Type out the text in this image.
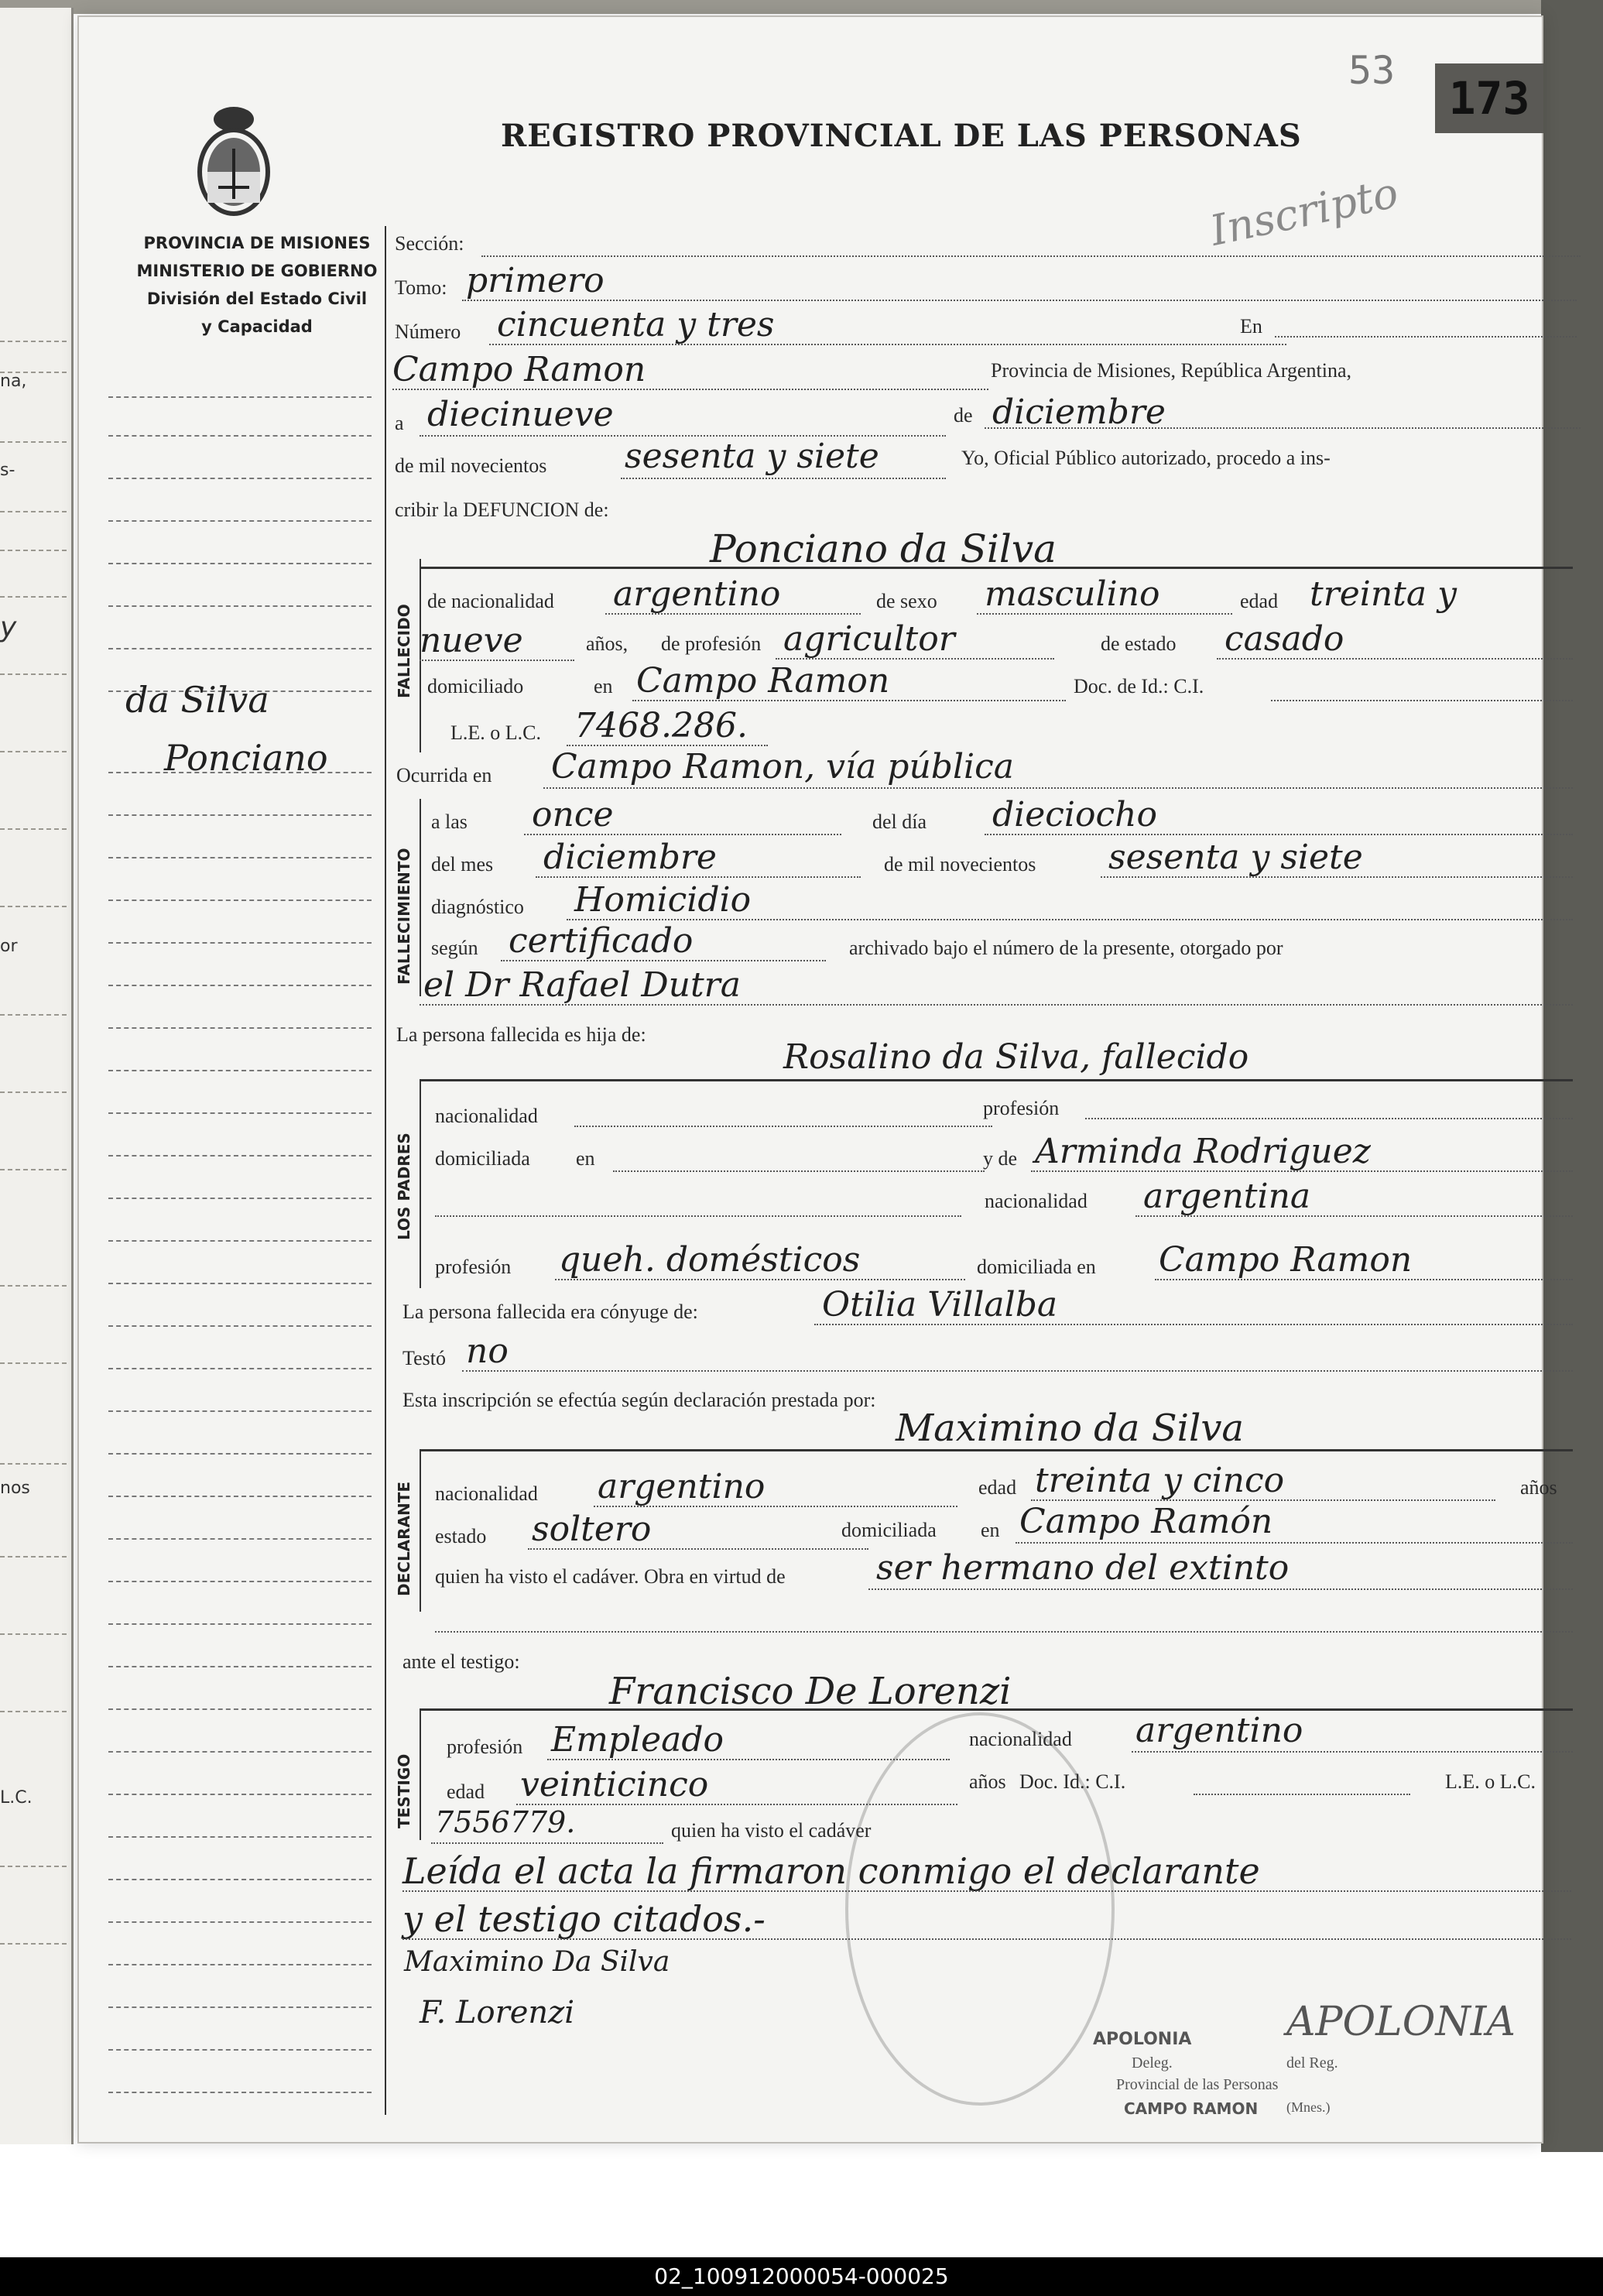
na,
s-
y
or
nos
L.C.
53
173
Inscripto
REGISTRO PROVINCIAL DE LAS PERSONAS
PROVINCIA DE MISIONES
MINISTERIO DE GOBIERNO
División del Estado Civil
y Capacidad
da Silva
Ponciano
Sección:
Tomo: primero
Número cincuenta y tres	En
Campo Ramon	Provincia de Misiones, República Argentina,
a diecinueve	de diciembre
de mil novecientos sesenta y siete	Yo, Oficial Público autorizado, procedo a ins-
cribir la DEFUNCION de:
FALLECIDO
Ponciano da Silva
de nacionalidad argentino	de sexo masculino	edad treinta y
nueve	años, de profesión agricultor	de estado casado
domiciliado	en Campo Ramon	Doc. de Id.: C.I.
L.E. o L.C. 7468.286.
Ocurrida en Campo Ramon, vía pública
FALLECIMIENTO
a las once	del día dieciocho
del mes diciembre	de mil novecientos sesenta y siete
diagnóstico Homicidio
según certificado	archivado bajo el número de la presente, otorgado por
el Dr Rafael Dutra
La persona fallecida es hija de:
Rosalino da Silva, fallecido
LOS PADRES
nacionalidad	profesión
domiciliada en	y de Arminda Rodriguez
nacionalidad argentina
profesión queh. domésticos	domiciliada en Campo Ramon
La persona fallecida era cónyuge de:	Otilia Villalba
Testó no
Esta inscripción se efectúa según declaración prestada por:
Maximino da Silva
DECLARANTE nacionalidad argentino	edad treinta y cinco	años
estado soltero	domiciliada en Campo Ramón
quien ha visto el cadáver. Obra en virtud de	ser hermano del extinto
ante el testigo:
Francisco De Lorenzi
TESTIGO
profesión Empleado	nacionalidad argentino
edad veinticinco	años Doc. Id.: C.I.	L.E. o L.C.
7556779.	quien ha visto el cadáver
Leída el acta la firmaron conmigo el declarante
y el testigo citados.-
Maximino Da Silva
F. Lorenzi	APOLONIA
APOLONIA
Deleg.	del Reg.
Provincial de las Personas
CAMPO RAMON (Mnes.)
02_100912000054-000025
